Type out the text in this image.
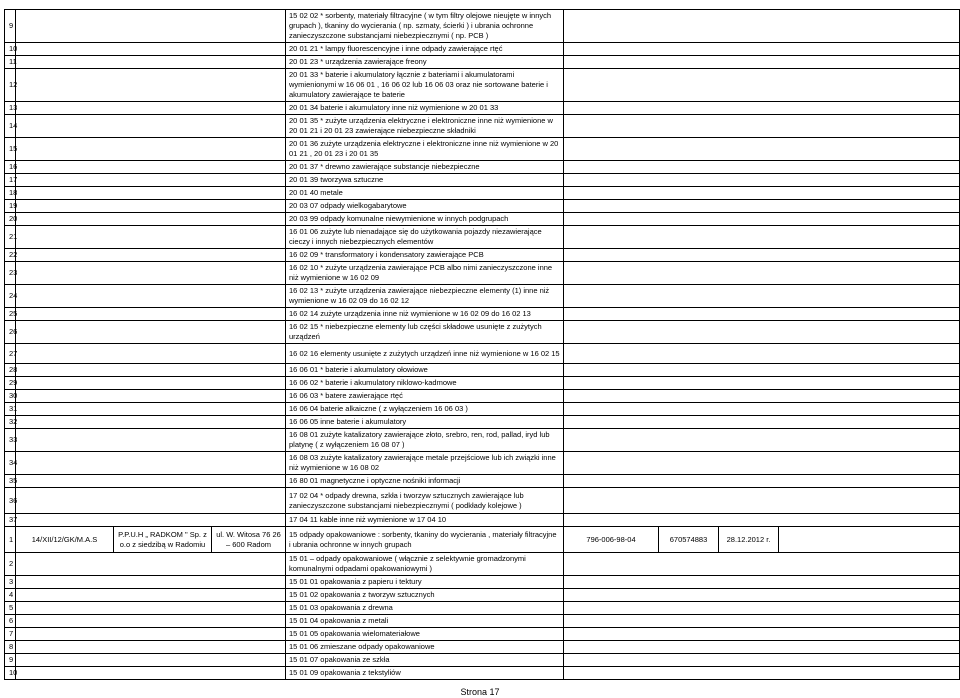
9				15 02 02 * sorbenty, materiały filtracyjne ( w tym filtry olejowe nieujęte w innych grupach ), tkaniny do wycierania ( np. szmaty, ścierki ) i ubrania ochronne zanieczyszczone substancjami niebezpiecznymi ( np. PCB )				
10				20 01 21 * lampy fluorescencyjne i inne odpady zawierające rtęć				
11				20 01 23 * urządzenia zawierające freony				
12				20 01 33 * baterie i akumulatory łącznie z bateriami i akumulatorami wymienionymi w 16 06 01 , 16 06 02 lub 16 06 03 oraz nie sortowane baterie i akumulatory zawierające te baterie				
13				20 01 34 baterie i akumulatory inne niż wymienione w 20 01 33				
14				20 01 35 * zużyte urządzenia elektryczne i elektroniczne inne niż wymienione w 20 01 21 i 20 01 23 zawierające niebezpieczne składniki				
15				20 01 36 zużyte urządzenia elektryczne i elektroniczne inne niż wymienione w 20 01 21 , 20 01 23 i 20 01 35				
16				20 01 37 * drewno zawierające substancje niebezpieczne				
17				20 01 39 tworzywa sztuczne				
18				20 01 40 metale				
19				20 03 07 odpady wielkogabarytowe				
20				20 03 99 odpady komunalne niewymienione w innych podgrupach				
21				16 01 06 zużyte lub nienadające się do użytkowania pojazdy niezawierające cieczy i innych niebezpiecznych elementów				
22				16 02 09 * transformatory i kondensatory zawierające PCB				
23				16 02 10 * zużyte urządzenia zawierające PCB albo nimi zanieczyszczone inne niż wymienione w 16 02 09				
24				16 02 13 * zużyte urządzenia zawierające niebezpieczne elementy (1) inne niż wymienione w 16 02 09 do 16 02 12				
25				16 02 14 zużyte urządzenia inne niż wymienione w 16 02 09 do 16 02 13				
26				16 02 15 * niebezpieczne elementy lub części składowe usunięte z zużytych urządzeń				
27				16 02 16 elementy usunięte z zużytych urządzeń inne niż wymienione w 16 02 15				
28				16 06 01 * baterie i akumulatory ołowiowe				
29				16 06 02 * baterie i akumulatory niklowo-kadmowe				
30				16 06 03 * batere zawierające rtęć				
31				16 06 04 baterie alkaiczne ( z wyłączeniem 16 06 03 )				
32				16 06 05 inne baterie i akumulatory				
33				16 08 01 zużyte katalizatory zawierające złoto, srebro, ren, rod, pallad, iryd lub platynę ( z wyłączeniem 16 08 07 )				
34				16 08 03 zużyte katalizatory zawierające metale przejściowe lub ich związki inne niż wymienione w 16 08 02				
35				16 80 01 magnetyczne i optyczne nośniki informacji				
36				17 02 04 * odpady drewna, szkła i tworzyw sztucznych zawierające lub zanieczyszczone substancjami niebezpiecznymi ( podkłady kolejowe )				
37				17 04 11 kable inne niż wymienione w 17 04 10				
1	14/XII/12/GK/M.A.S	P.P.U.H „ RADKOM " Sp. z o.o z siedzibą w Radomiu	ul. W. Witosa 76 26 – 600 Radom	15 odpady opakowaniowe : sorbenty, tkaniny do wycierania , materiały filtracyjne i ubrania ochronne w innych grupach	796-006-98-04	670574883	28.12.2012 r.	
2				15 01 – odpady opakowaniowe ( włącznie z selektywnie gromadzonymi komunalnymi odpadami opakowaniowymi )				
3				15 01 01 opakowania z papieru i tektury				
4				15 01 02 opakowania z tworzyw sztucznych				
5				15 01 03 opakowania z drewna				
6				15 01 04 opakowania z metali				
7				15 01 05 opakowania wielomateriałowe				
8				15 01 06 zmieszane odpady opakowaniowe				
9				15 01 07 opakowania ze szkła				
10				15 01 09 opakowania z tekstyliów				
Strona 17
